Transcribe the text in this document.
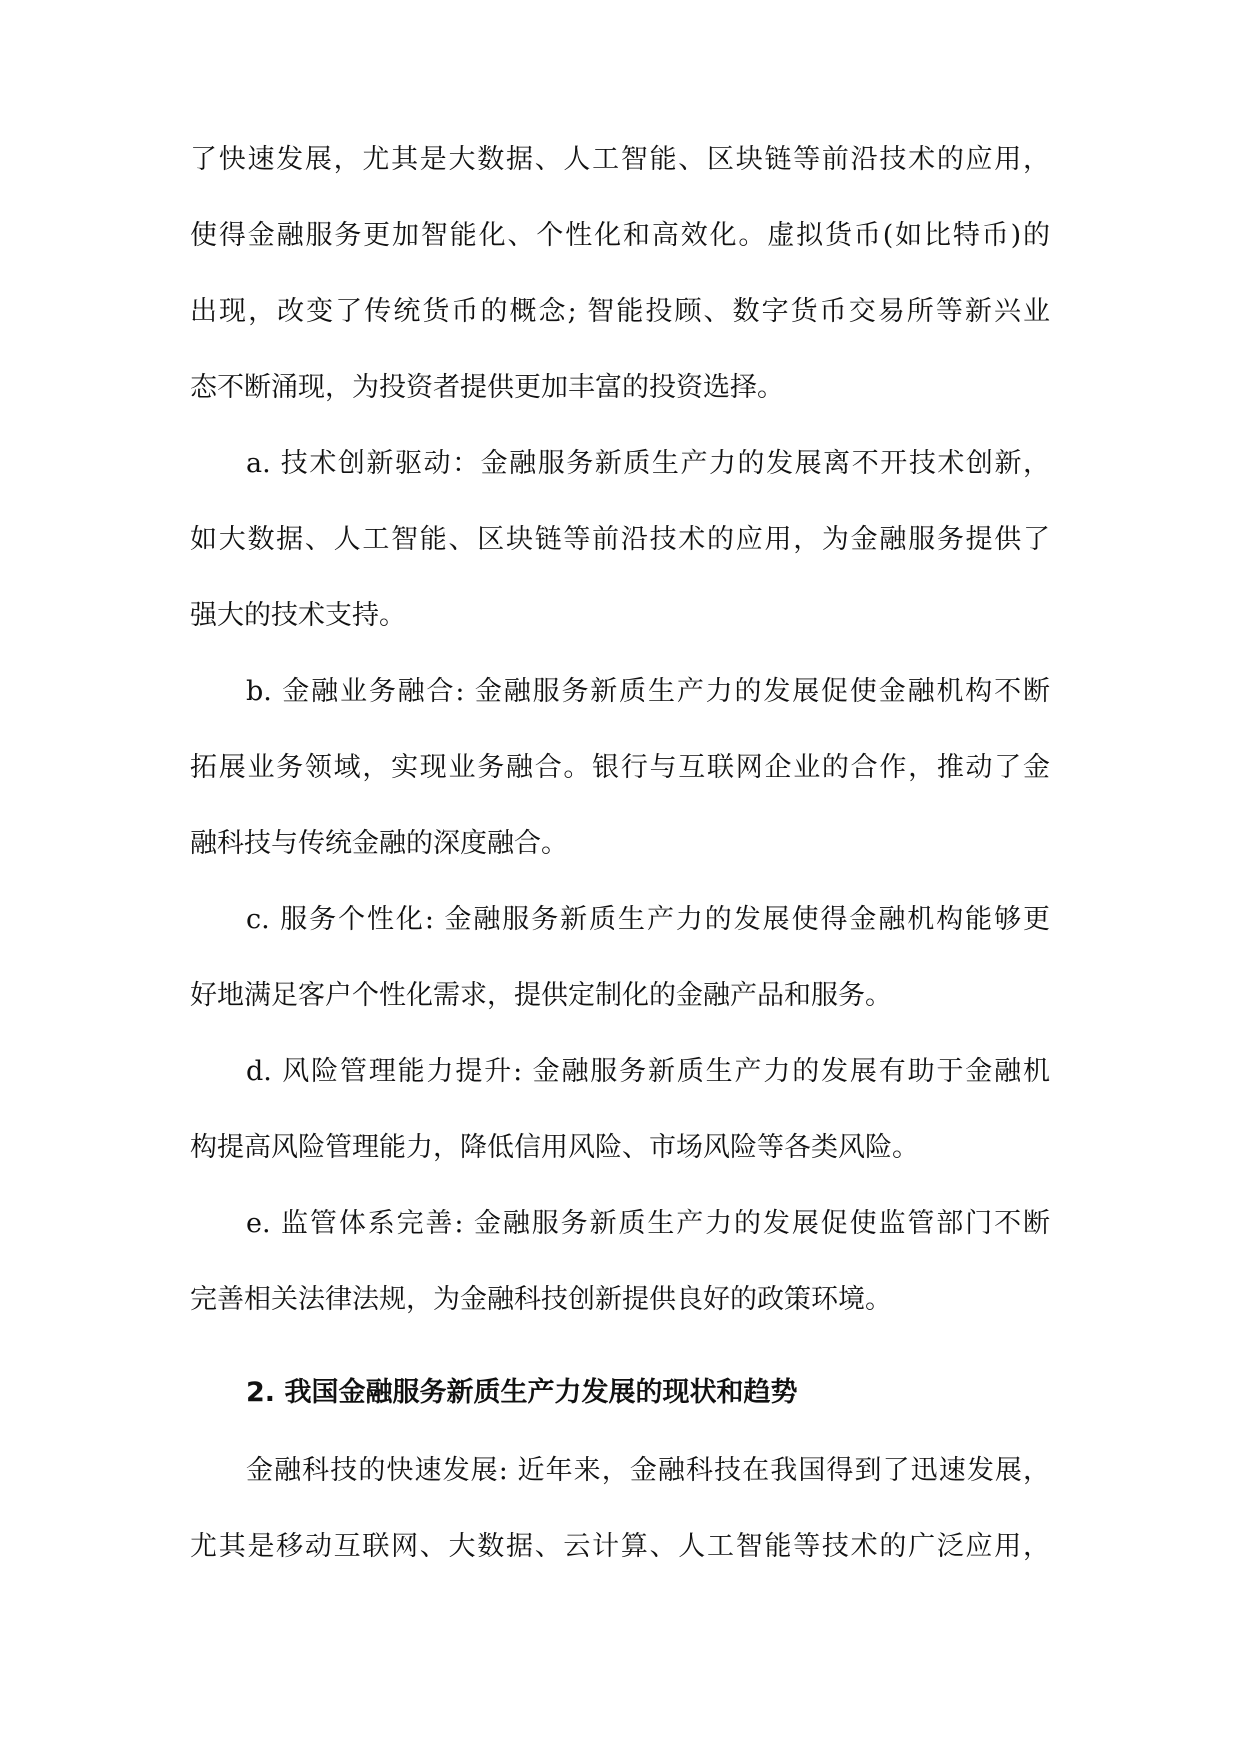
了快速发展，尤其是大数据、人工智能、区块链等前沿技术的应用，
使得金融服务更加智能化、个性化和高效化。虚拟货币(如比特币)的
出现，改变了传统货币的概念; 智能投顾、数字货币交易所等新兴业
态不断涌现，为投资者提供更加丰富的投资选择。
a. 技术创新驱动：金融服务新质生产力的发展离不开技术创新，
如大数据、人工智能、区块链等前沿技术的应用，为金融服务提供了
强大的技术支持。
b. 金融业务融合: 金融服务新质生产力的发展促使金融机构不断
拓展业务领域，实现业务融合。银行与互联网企业的合作，推动了金
融科技与传统金融的深度融合。
c. 服务个性化: 金融服务新质生产力的发展使得金融机构能够更
好地满足客户个性化需求，提供定制化的金融产品和服务。
d. 风险管理能力提升: 金融服务新质生产力的发展有助于金融机
构提高风险管理能力，降低信用风险、市场风险等各类风险。
e. 监管体系完善: 金融服务新质生产力的发展促使监管部门不断
完善相关法律法规，为金融科技创新提供良好的政策环境。
2. 我国金融服务新质生产力发展的现状和趋势
金融科技的快速发展: 近年来，金融科技在我国得到了迅速发展，
尤其是移动互联网、大数据、云计算、人工智能等技术的广泛应用，
